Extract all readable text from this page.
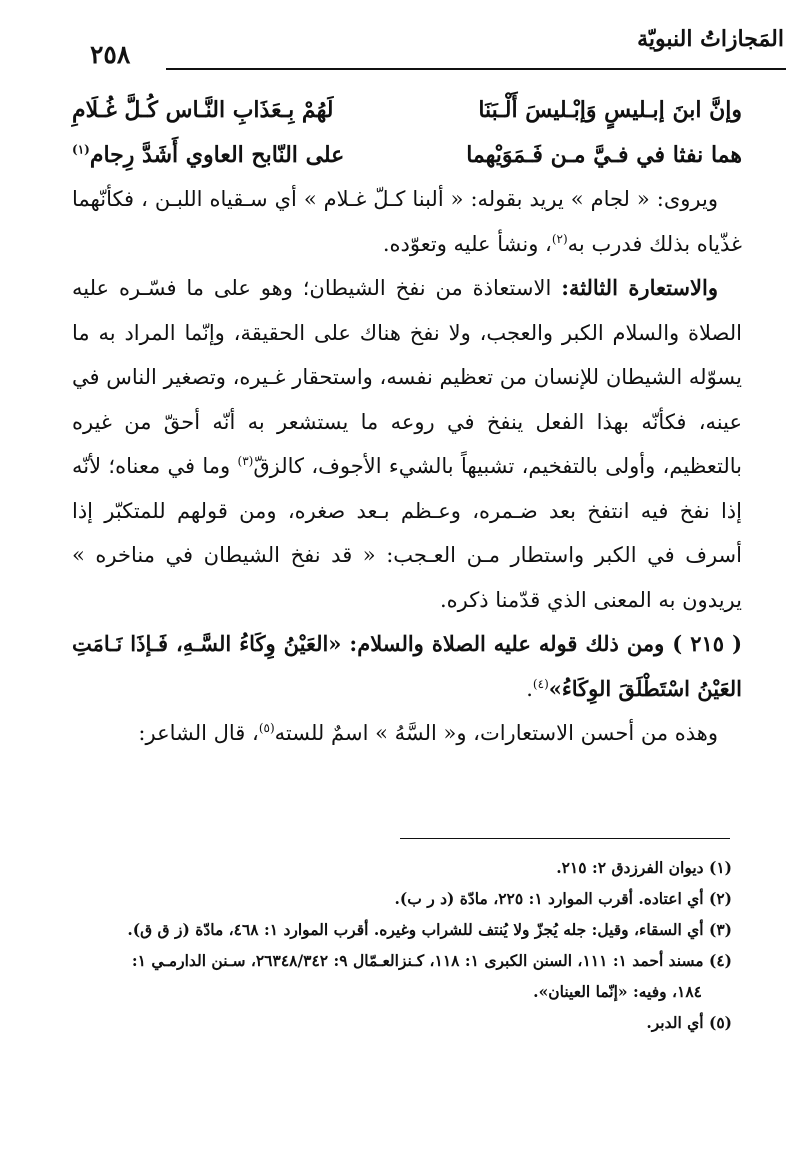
المَجازاتُ النبويّة
٢٥٨
وإنَّ ابنَ إبـليسٍ وَإبْـليسَ أَلْـبَنَا
لَهُمْ بِـعَذَابِ النَّـاس كُـلَّ غُـلَامِ
هما نفثا في فـيَّ مـن فَـمَوَيْهما
على النّابح العاوي أَشَدَّ رِجام$^{(١)}$

ويروى: « لجام » يريد بقوله: « ألبنا كـلّ غـلام » أي سـقياه اللبـن ، فكأنّهما غذّياه بذلك فدرب به$^{(٢)}$، ونشأ عليه وتعوّده.

والاستعارة الثالثة: الاستعاذة من نفخ الشيطان؛ وهو على ما فسّـره عليه الصلاة والسلام الكبر والعجب، ولا نفخ هناك على الحقيقة، وإنّما المراد به ما يسوّله الشيطان للإنسان من تعظيم نفسه، واستحقار غـيره، وتصغير الناس في عينه، فكأنّه بهذا الفعل ينفخ في روعه ما يستشعر به أنّه أحقّ من غيره بالتعظيم، وأولى بالتفخيم، تشبيهاً بالشيء الأجوف، كالزقّ$^{(٣)}$ وما في معناه؛ لأنّه إذا نفخ فيه انتفخ بعد ضـمره، وعـظم بـعد صغره، ومن قولهم للمتكبّر إذا أسرف في الكبر واستطار مـن العـجب: « قد نفخ الشيطان في مناخره » يريدون به المعنى الذي قدّمنا ذكره.

( ٢١٥ ) ومن ذلك قوله عليه الصلاة والسلام: «العَيْنُ وِكَاءُ السَّـهِ، فَـإذَا نَـامَتِ العَيْنُ اسْتَطْلَقَ الوِكَاءُ»$^{(٤)}$.

وهذه من أحسن الاستعارات، و« السَّهُ » اسمٌ للسته$^{(٥)}$، قال الشاعر:

(١) ديوان الفرزدق ٢: ٢١٥.

(٢) أي اعتاده. أقرب الموارد ١: ٢٢٥، مادّة (د ر ب).

(٣) أي السقاء، وقيل: جله يُجزّ ولا يُنتف للشراب وغيره. أقرب الموارد ١: ٤٦٨، مادّة (ز ق ق).

(٤) مسند أحمد ١: ١١١، السنن الكبرى ١: ١١٨، كـنزالعـمّال ٩: ٢٦٣٤٨/٣٤٢، سـنن الدارمـي ١:

١٨٤، وفيه: «إنّما العينان».

(٥) أي الدبر.
